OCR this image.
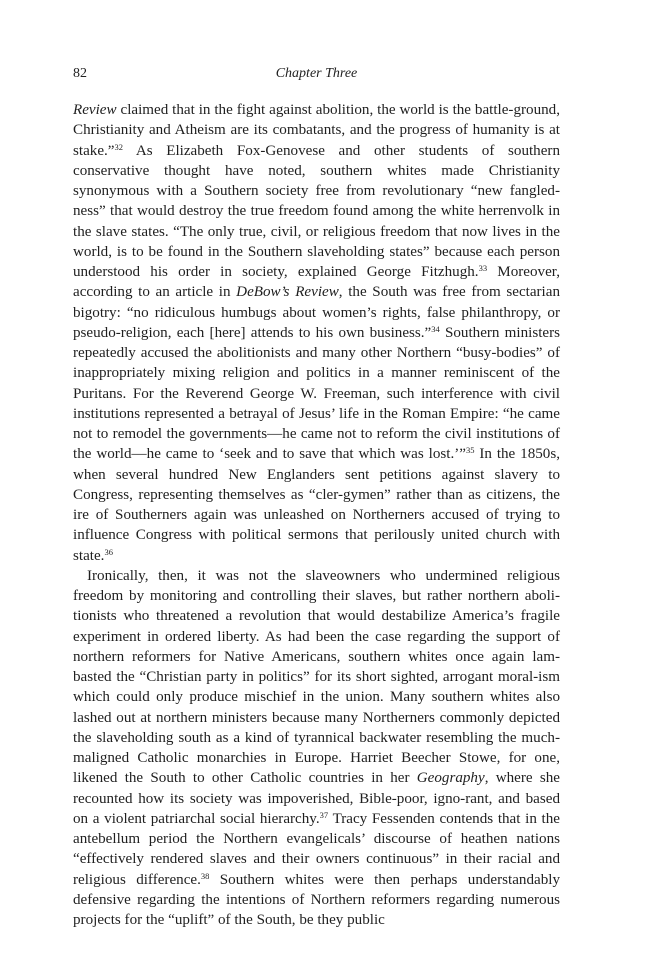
82	Chapter Three

Review claimed that in the fight against abolition, the world is the battle-ground, Christianity and Atheism are its combatants, and the progress of humanity is at stake.”$^{32}$ As Elizabeth Fox-Genovese and other students of southern conservative thought have noted, southern whites made Christianity synonymous with a Southern society free from revolutionary “new fangled-ness” that would destroy the true freedom found among the white herrenvolk in the slave states. “The only true, civil, or religious freedom that now lives in the world, is to be found in the Southern slaveholding states” because each person understood his order in society, explained George Fitzhugh.$^{33}$ Moreover, according to an article in DeBow’s Review, the South was free from sectarian bigotry: “no ridiculous humbugs about women’s rights, false philanthropy, or pseudo-religion, each [here] attends to his own business.”$^{34}$ Southern ministers repeatedly accused the abolitionists and many other Northern “busy-bodies” of inappropriately mixing religion and politics in a manner reminiscent of the Puritans. For the Reverend George W. Freeman, such interference with civil institutions represented a betrayal of Jesus’ life in the Roman Empire: “he came not to remodel the governments—he came not to reform the civil institutions of the world—he came to ‘seek and to save that which was lost.’”$^{35}$ In the 1850s, when several hundred New Englanders sent petitions against slavery to Congress, representing themselves as “cler-gymen” rather than as citizens, the ire of Southerners again was unleashed on Northerners accused of trying to influence Congress with political sermons that perilously united church with state.$^{36}$

Ironically, then, it was not the slaveowners who undermined religious freedom by monitoring and controlling their slaves, but rather northern aboli-tionists who threatened a revolution that would destabilize America’s fragile experiment in ordered liberty. As had been the case regarding the support of northern reformers for Native Americans, southern whites once again lam-basted the “Christian party in politics” for its short sighted, arrogant moral-ism which could only produce mischief in the union. Many southern whites also lashed out at northern ministers because many Northerners commonly depicted the slaveholding south as a kind of tyrannical backwater resembling the much-maligned Catholic monarchies in Europe. Harriet Beecher Stowe, for one, likened the South to other Catholic countries in her Geography, where she recounted how its society was impoverished, Bible-poor, igno-rant, and based on a violent patriarchal social hierarchy.$^{37}$ Tracy Fessenden contends that in the antebellum period the Northern evangelicals’ discourse of heathen nations “effectively rendered slaves and their owners continuous” in their racial and religious difference.$^{38}$ Southern whites were then perhaps understandably defensive regarding the intentions of Northern reformers regarding numerous projects for the “uplift” of the South, be they public
